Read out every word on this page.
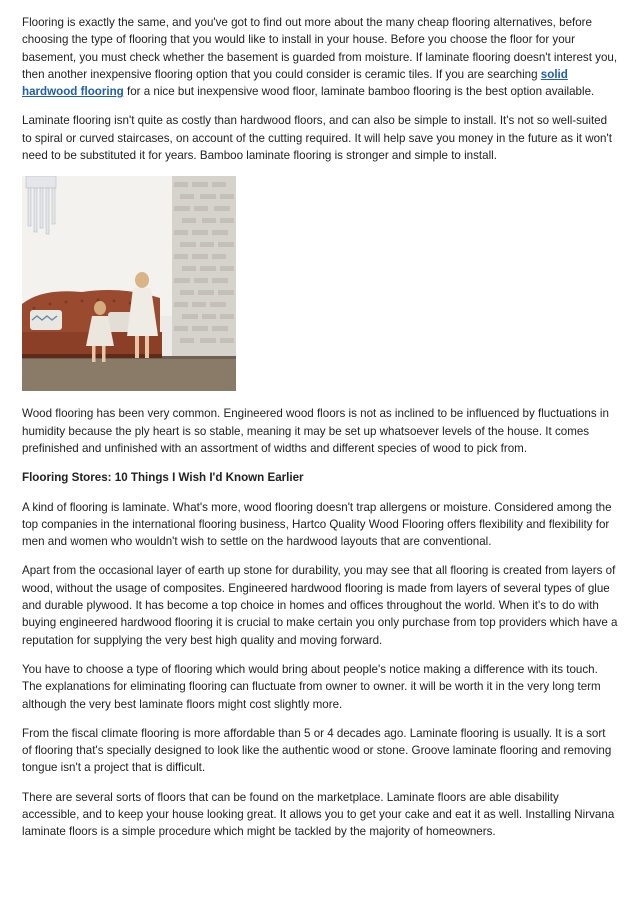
Flooring is exactly the same, and you've got to find out more about the many cheap flooring alternatives, before choosing the type of flooring that you would like to install in your house. Before you choose the floor for your basement, you must check whether the basement is guarded from moisture. If laminate flooring doesn't interest you, then another inexpensive flooring option that you could consider is ceramic tiles. If you are searching solid hardwood flooring for a nice but inexpensive wood floor, laminate bamboo flooring is the best option available.

Laminate flooring isn't quite as costly than hardwood floors, and can also be simple to install. It's not so well-suited to spiral or curved staircases, on account of the cutting required. It will help save you money in the future as it won't need to be substituted it for years. Bamboo laminate flooring is stronger and simple to install.

Wood flooring has been very common. Engineered wood floors is not as inclined to be influenced by fluctuations in humidity because the ply heart is so stable, meaning it may be set up whatsoever levels of the house. It comes prefinished and unfinished with an assortment of widths and different species of wood to pick from.

Flooring Stores: 10 Things I Wish I'd Known Earlier

A kind of flooring is laminate. What's more, wood flooring doesn't trap allergens or moisture. Considered among the top companies in the international flooring business, Hartco Quality Wood Flooring offers flexibility and flexibility for men and women who wouldn't wish to settle on the hardwood layouts that are conventional.

Apart from the occasional layer of earth up stone for durability, you may see that all flooring is created from layers of wood, without the usage of composites. Engineered hardwood flooring is made from layers of several types of glue and durable plywood. It has become a top choice in homes and offices throughout the world. When it's to do with buying engineered hardwood flooring it is crucial to make certain you only purchase from top providers which have a reputation for supplying the very best high quality and moving forward.

You have to choose a type of flooring which would bring about people's notice making a difference with its touch. The explanations for eliminating flooring can fluctuate from owner to owner. it will be worth it in the very long term although the very best laminate floors might cost slightly more.

From the fiscal climate flooring is more affordable than 5 or 4 decades ago. Laminate flooring is usually. It is a sort of flooring that's specially designed to look like the authentic wood or stone. Groove laminate flooring and removing tongue isn't a project that is difficult.

There are several sorts of floors that can be found on the marketplace. Laminate floors are able disability accessible, and to keep your house looking great. It allows you to get your cake and eat it as well. Installing Nirvana laminate floors is a simple procedure which might be tackled by the majority of homeowners.
